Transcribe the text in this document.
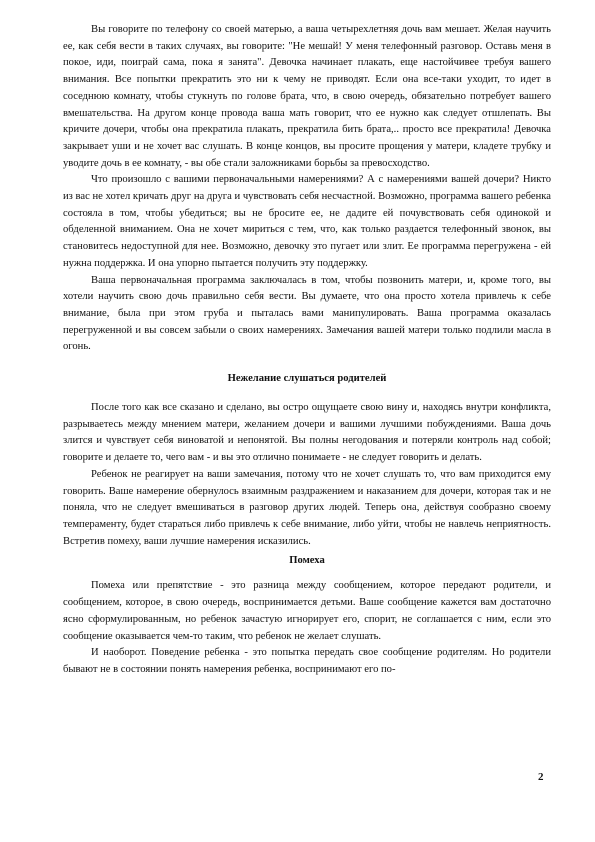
Вы говорите по телефону со своей матерью, а ваша четырехлетняя дочь вам мешает. Желая научить ее, как себя вести в таких случаях, вы говорите: "Не мешай! У меня телефонный разговор. Оставь меня в покое, иди, поиграй сама, пока я занята". Девочка начинает плакать, еще настойчивее требуя вашего внимания. Все попытки прекратить это ни к чему не приводят. Если она все-таки уходит, то идет в соседнюю комнату, чтобы стукнуть по голове брата, что, в свою очередь, обязательно потребует вашего вмешательства. На другом конце провода ваша мать говорит, что ее нужно как следует отшлепать. Вы кричите дочери, чтобы она прекратила плакать, прекратила бить брата,.. просто все прекратила! Девочка закрывает уши и не хочет вас слушать. В конце концов, вы просите прощения у матери, кладете трубку и уводите дочь в ее комнату, - вы обе стали заложниками борьбы за превосходство.

Что произошло с вашими первоначальными намерениями? А с намерениями вашей дочери? Никто из вас не хотел кричать друг на друга и чувствовать себя несчастной. Возможно, программа вашего ребенка состояла в том, чтобы убедиться; вы не бросите ее, не дадите ей почувствовать себя одинокой и обделенной вниманием. Она не хочет мириться с тем, что, как только раздается телефонный звонок, вы становитесь недоступной для нее. Возможно, девочку это пугает или злит. Ее программа перегружена - ей нужна поддержка. И она упорно пытается получить эту поддержку.

Ваша первоначальная программа заключалась в том, чтобы позвонить матери, и, кроме того, вы хотели научить свою дочь правильно себя вести. Вы думаете, что она просто хотела привлечь к себе внимание, была при этом груба и пыталась вами манипулировать. Ваша программа оказалась перегруженной и вы совсем забыли о своих намерениях. Замечания вашей матери только подлили масла в огонь.

Нежелание слушаться родителей

После того как все сказано и сделано, вы остро ощущаете свою вину и, находясь внутри конфликта, разрываетесь между мнением матери, желанием дочери и вашими лучшими побуждениями. Ваша дочь злится и чувствует себя виноватой и непонятой. Вы полны негодования и потеряли контроль над собой; говорите и делаете то, чего вам - и вы это отлично понимаете - не следует говорить и делать.

Ребенок не реагирует на ваши замечания, потому что не хочет слушать то, что вам приходится ему говорить. Ваше намерение обернулось взаимным раздражением и наказанием для дочери, которая так и не поняла, что не следует вмешиваться в разговор других людей. Теперь она, действуя сообразно своему темпераменту, будет стараться либо привлечь к себе внимание, либо уйти, чтобы не навлечь неприятность. Встретив помеху, ваши лучшие намерения исказились.

Помеха

Помеха или препятствие - это разница между сообщением, которое передают родители, и сообщением, которое, в свою очередь, воспринимается детьми. Ваше сообщение кажется вам достаточно ясно сформулированным, но ребенок зачастую игнорирует его, спорит, не соглашается с ним, если это сообщение оказывается чем-то таким, что ребенок не желает слушать.

И наоборот. Поведение ребенка - это попытка передать свое сообщение родителям. Но родители бывают не в состоянии понять намерения ребенка, воспринимают его по-

2
